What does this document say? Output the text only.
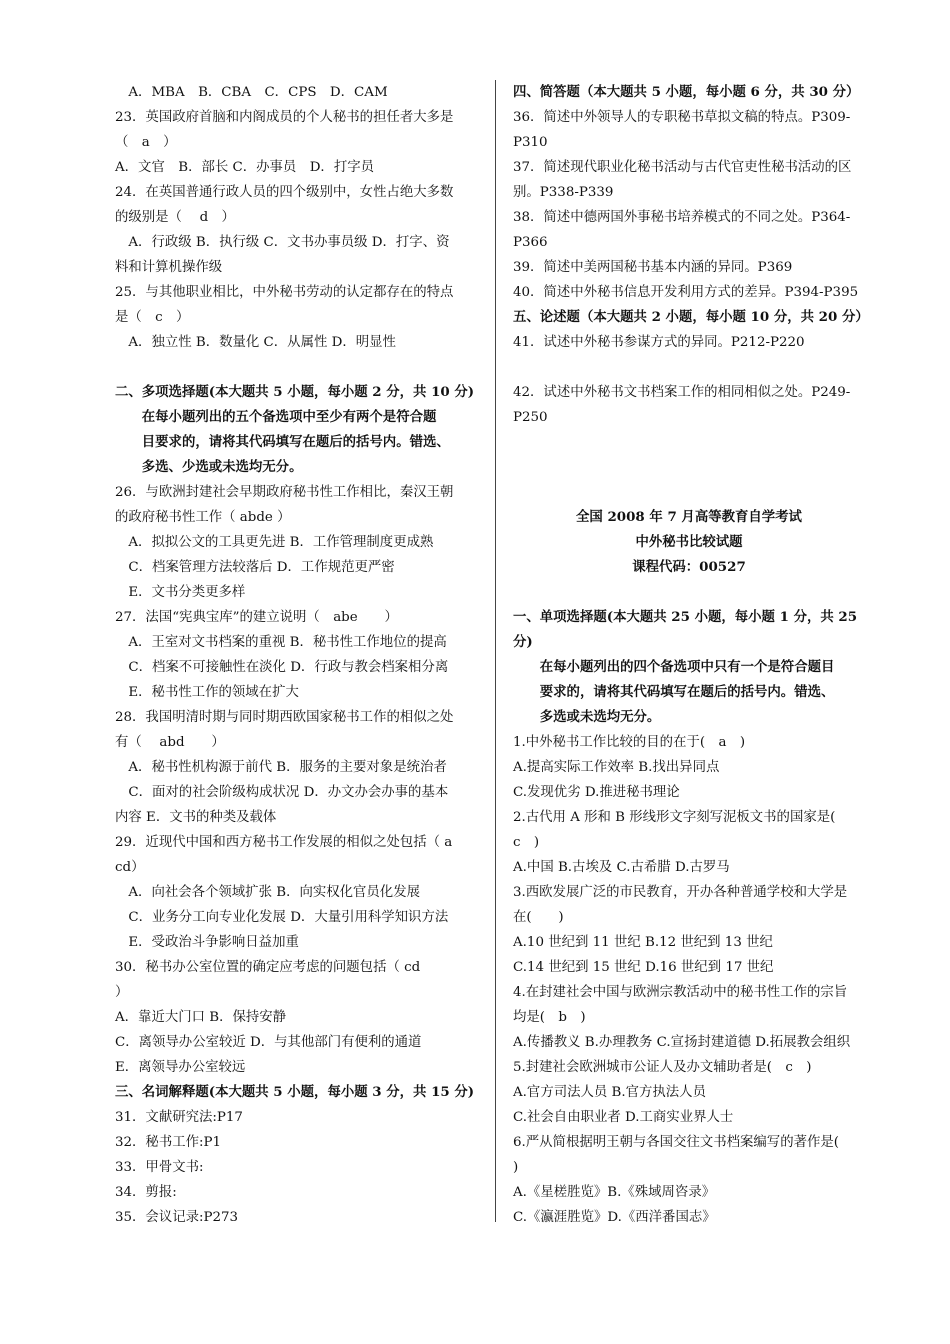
　A．MBA　B．CBA　C．CPS　D．CAM
23．英国政府首脑和内阁成员的个人秘书的担任者大多是
（　a　）
A．文官　B．部长 C．办事员　D．打字员
24．在英国普通行政人员的四个级别中，女性占绝大多数
的级别是（　 d　）
　A．行政级 B．执行级 C．文书办事员级 D．打字、资
料和计算机操作级
25．与其他职业相比，中外秘书劳动的认定都存在的特点
是（　c　）
　A．独立性 B．数量化 C．从属性 D．明显性
二、多项选择题(本大题共 5 小题，每小题 2 分，共 10 分)
　　在每小题列出的五个备选项中至少有两个是符合题
　　目要求的，请将其代码填写在题后的括号内。错选、
　　多选、少选或未选均无分。
26．与欧洲封建社会早期政府秘书性工作相比，秦汉王朝
的政府秘书性工作（ abde ）
　A．拟拟公文的工具更先进 B．工作管理制度更成熟
　C．档案管理方法较落后 D．工作规范更严密
　E．文书分类更多样
27．法国“宪典宝库”的建立说明（　abe　　）
　A．王室对文书档案的重视 B．秘书性工作地位的提高
　C．档案不可接触性在淡化 D．行政与教会档案相分离
　E．秘书性工作的领域在扩大
28．我国明清时期与同时期西欧国家秘书工作的相似之处
有（　 abd　　）
　A．秘书性机构源于前代 B．服务的主要对象是统治者
　C．面对的社会阶级构成状况 D．办文办会办事的基本
内容 E．文书的种类及载体
29．近现代中国和西方秘书工作发展的相似之处包括（ a
cd）
　A．向社会各个领域扩张 B．向实权化官员化发展
　C．业务分工向专业化发展 D．大量引用科学知识方法
　E．受政治斗争影响日益加重
30．秘书办公室位置的确定应考虑的问题包括（ cd
）
A．靠近大门口 B．保持安静
C．离领导办公室较近 D．与其他部门有便利的通道
E．离领导办公室较远
三、名词解释题(本大题共 5 小题，每小题 3 分，共 15 分)
31．文献研究法:P17
32．秘书工作:P1
33．甲骨文书:
34．剪报:
35．会议记录:P273
四、简答题（本大题共 5 小题，每小题 6 分，共 30 分）
36．简述中外领导人的专职秘书草拟文稿的特点。P309-
P310
37．简述现代职业化秘书活动与古代官吏性秘书活动的区
别。P338-P339
38．简述中德两国外事秘书培养模式的不同之处。P364-
P366
39．简述中美两国秘书基本内涵的异同。P369
40．简述中外秘书信息开发利用方式的差异。P394-P395
五、论述题（本大题共 2 小题，每小题 10 分，共 20 分）
41．试述中外秘书参谋方式的异同。P212-P220
42．试述中外秘书文书档案工作的相同相似之处。P249-
P250
全国 2008 年 7 月高等教育自学考试
中外秘书比较试题
课程代码：00527
一、单项选择题(本大题共 25 小题，每小题 1 分，共 25
分)
　　在每小题列出的四个备选项中只有一个是符合题目
　　要求的，请将其代码填写在题后的括号内。错选、
　　多选或未选均无分。
1.中外秘书工作比较的目的在于(　a　)
A.提高实际工作效率 B.找出异同点
C.发现优劣 D.推进秘书理论
2.古代用 A 形和 B 形线形文字刻写泥板文书的国家是(
c　)
A.中国 B.古埃及 C.古希腊 D.古罗马
3.西欧发展广泛的市民教育，开办各种普通学校和大学是
在(　　)
A.10 世纪到 11 世纪 B.12 世纪到 13 世纪
C.14 世纪到 15 世纪 D.16 世纪到 17 世纪
4.在封建社会中国与欧洲宗教活动中的秘书性工作的宗旨
均是(　b　)
A.传播教义 B.办理教务 C.宣扬封建道德 D.拓展教会组织
5.封建社会欧洲城市公证人及办文辅助者是(　c　)
A.官方司法人员 B.官方执法人员
C.社会自由职业者 D.工商实业界人士
6.严从简根据明王朝与各国交往文书档案编写的著作是(
)
A.《星槎胜览》B.《殊域周咨录》
C.《瀛涯胜览》D.《西洋番国志》
